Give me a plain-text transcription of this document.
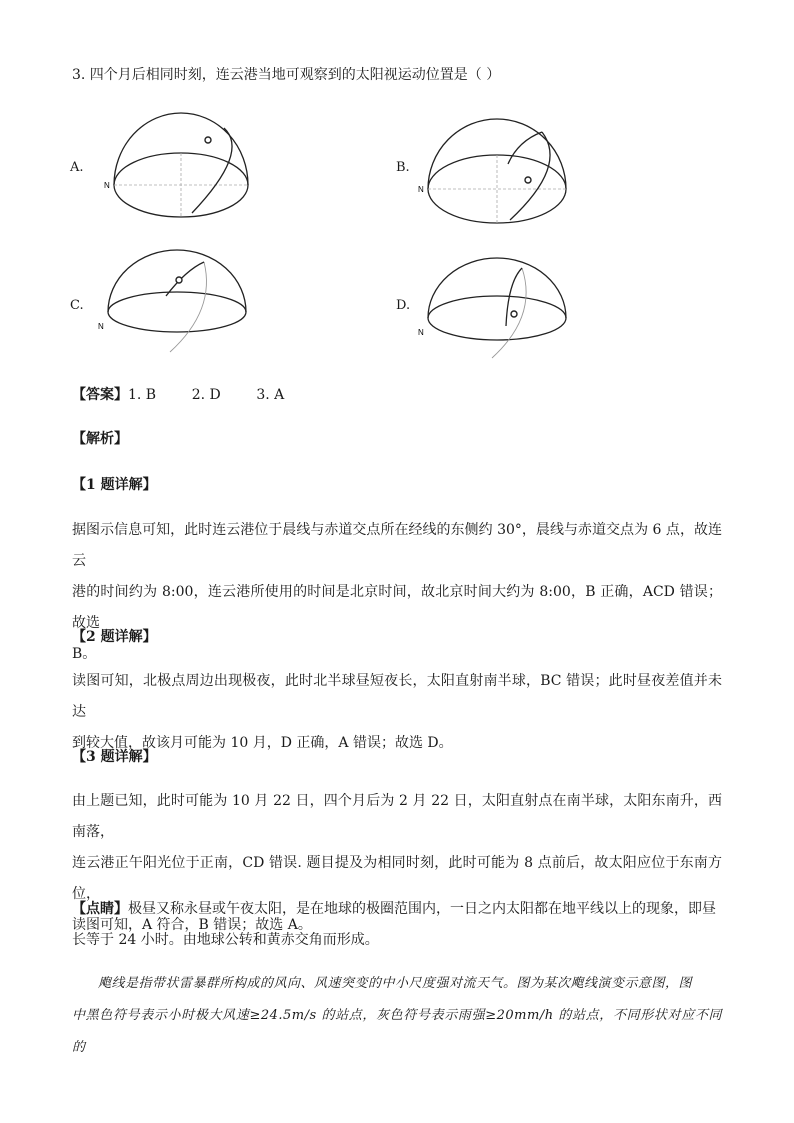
3. 四个月后相同时刻，连云港当地可观察到的太阳视运动位置是（ ）
A.
N
B.
N
C.
N
D.
N
【答案】1. B        2. D        3. A
【解析】
【1 题详解】
据图示信息可知，此时连云港位于晨线与赤道交点所在经线的东侧约 30°，晨线与赤道交点为 6 点，故连云
港的时间约为 8:00，连云港所使用的时间是北京时间，故北京时间大约为 8:00，B 正确，ACD 错误；故选
B。
【2 题详解】
读图可知，北极点周边出现极夜，此时北半球昼短夜长，太阳直射南半球，BC 错误；此时昼夜差值并未达
到较大值，故该月可能为 10 月，D 正确，A 错误；故选 D。
【3 题详解】
由上题已知，此时可能为 10 月 22 日，四个月后为 2 月 22 日，太阳直射点在南半球，太阳东南升，西南落，
连云港正午阳光位于正南，CD 错误. 题目提及为相同时刻，此时可能为 8 点前后，故太阳应位于东南方位，
读图可知，A 符合，B 错误；故选 A。
【点睛】极昼又称永昼或午夜太阳，是在地球的极圈范围内，一日之内太阳都在地平线以上的现象，即昼
长等于 24 小时。由地球公转和黄赤交角而形成。
飑线是指带状雷暴群所构成的风向、风速突变的中小尺度强对流天气。图为某次飑线演变示意图，图
中黑色符号表示小时极大风速≥24.5m/s 的站点，灰色符号表示雨强≥20mm/h 的站点，不同形状对应不同的
